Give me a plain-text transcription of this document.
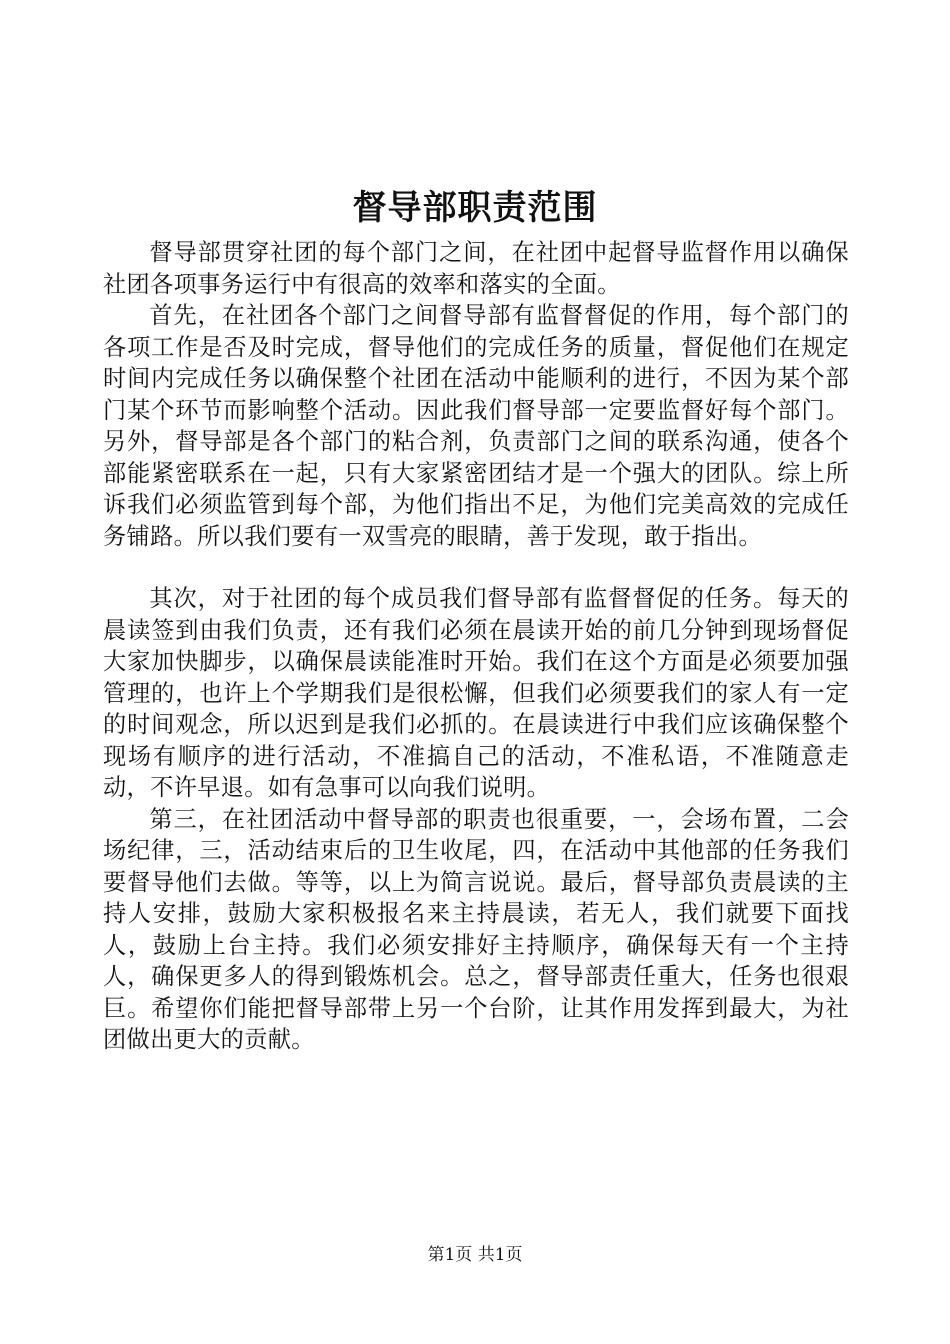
督导部职责范围

督导部贯穿社团的每个部门之间，在社团中起督导监督作用以确保社团各项事务运行中有很高的效率和落实的全面。

首先，在社团各个部门之间督导部有监督督促的作用，每个部门的各项工作是否及时完成，督导他们的完成任务的质量，督促他们在规定时间内完成任务以确保整个社团在活动中能顺利的进行，不因为某个部门某个环节而影响整个活动。因此我们督导部一定要监督好每个部门。另外，督导部是各个部门的粘合剂，负责部门之间的联系沟通，使各个部能紧密联系在一起，只有大家紧密团结才是一个强大的团队。综上所诉我们必须监管到每个部，为他们指出不足，为他们完美高效的完成任务铺路。所以我们要有一双雪亮的眼睛，善于发现，敢于指出。

其次，对于社团的每个成员我们督导部有监督督促的任务。每天的晨读签到由我们负责，还有我们必须在晨读开始的前几分钟到现场督促大家加快脚步，以确保晨读能准时开始。我们在这个方面是必须要加强管理的，也许上个学期我们是很松懈，但我们必须要我们的家人有一定的时间观念，所以迟到是我们必抓的。在晨读进行中我们应该确保整个现场有顺序的进行活动，不准搞自己的活动，不准私语，不准随意走动，不许早退。如有急事可以向我们说明。

第三，在社团活动中督导部的职责也很重要，一，会场布置，二会场纪律，三，活动结束后的卫生收尾，四，在活动中其他部的任务我们要督导他们去做。等等，以上为简言说说。最后，督导部负责晨读的主持人安排，鼓励大家积极报名来主持晨读，若无人，我们就要下面找人，鼓励上台主持。我们必须安排好主持顺序，确保每天有一个主持人，确保更多人的得到锻炼机会。总之，督导部责任重大，任务也很艰巨。希望你们能把督导部带上另一个台阶，让其作用发挥到最大，为社团做出更大的贡献。

第1页 共1页
